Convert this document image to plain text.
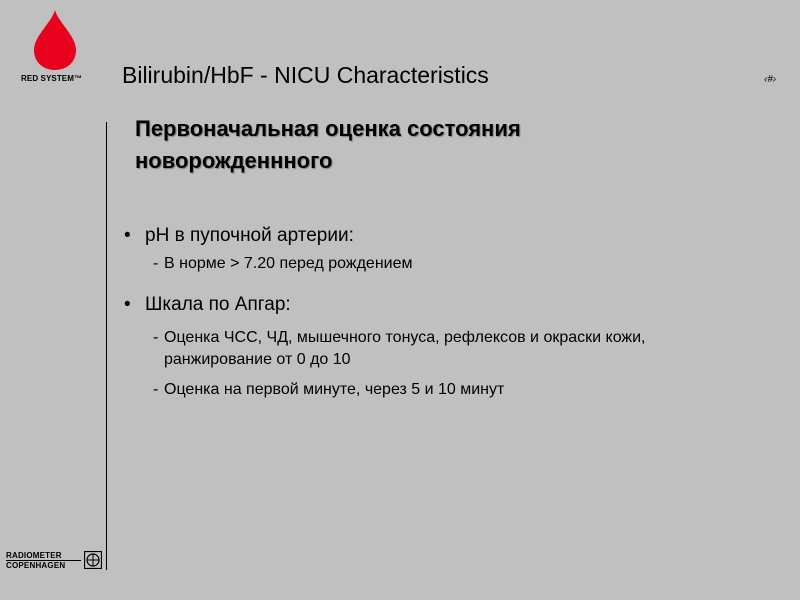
RED SYSTEM™ Bilirubin/HbF - NICU Characteristics	‹#›
Первоначальная оценка состояния
новорожденнного

• pH в пупочной артерии:

- В норме > 7.20 перед рождением

• Шкала по Апгар:

- Оценка ЧСС, ЧД, мышечного тонуса, рефлексов и окраски кожи,
ранжирование от 0 до 10

- Оценка на первой минуте, через 5 и 10 минут

RADIOMETER
COPENHAGEN
